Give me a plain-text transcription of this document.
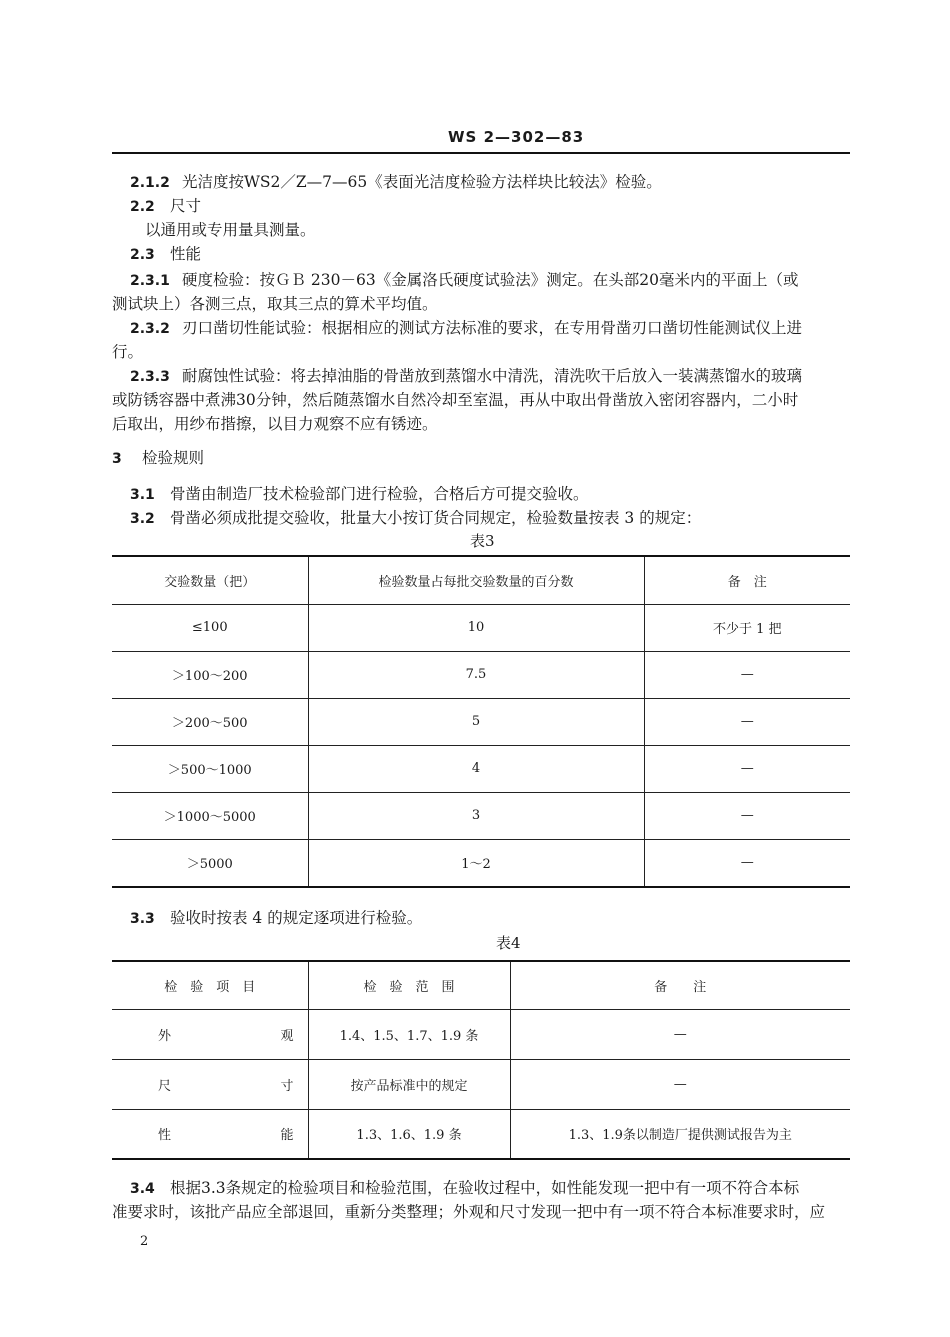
WS 2—302—83
2.1.2 光洁度按WS2／Z—7—65《表面光洁度检验方法样块比较法》检验。
2.2 尺寸
以通用或专用量具测量。
2.3 性能
2.3.1 硬度检验：按ＧＢ 230－63《金属洛氏硬度试验法》测定。在头部20毫米内的平面上（或
测试块上）各测三点，取其三点的算术平均值。
2.3.2 刃口凿切性能试验：根据相应的测试方法标准的要求，在专用骨凿刃口凿切性能测试仪上进
行。
2.3.3 耐腐蚀性试验：将去掉油脂的骨凿放到蒸馏水中清洗，清洗吹干后放入一装满蒸馏水的玻璃
或防锈容器中煮沸30分钟，然后随蒸馏水自然冷却至室温，再从中取出骨凿放入密闭容器内，二小时
后取出，用纱布揩擦，以目力观察不应有锈迹。
3 检验规则
3.1 骨凿由制造厂技术检验部门进行检验，合格后方可提交验收。
3.2 骨凿必须成批提交验收，批量大小按订货合同规定，检验数量按表 3 的规定：
表3
交验数量（把）	检验数量占每批交验数量的百分数	备　注
≤100	10	不少于 1 把
＞100～200	7.5	—
＞200～500	5	—
＞500～1000	4	—
＞1000～5000	3	—
＞5000	1～2	—
3.3 验收时按表 4 的规定逐项进行检验。
表4
检　验　项　目	检　验　范　围	备　　注

外 观	1.4、1.5、1.7、1.9 条	—

尺 寸	按产品标准中的规定	—

性 能	1.3、1.6、1.9 条	1.3、1.9条以制造厂提供测试报告为主
3.4 根据3.3条规定的检验项目和检验范围，在验收过程中，如性能发现一把中有一项不符合本标
准要求时，该批产品应全部退回，重新分类整理；外观和尺寸发现一把中有一项不符合本标准要求时，应
2
